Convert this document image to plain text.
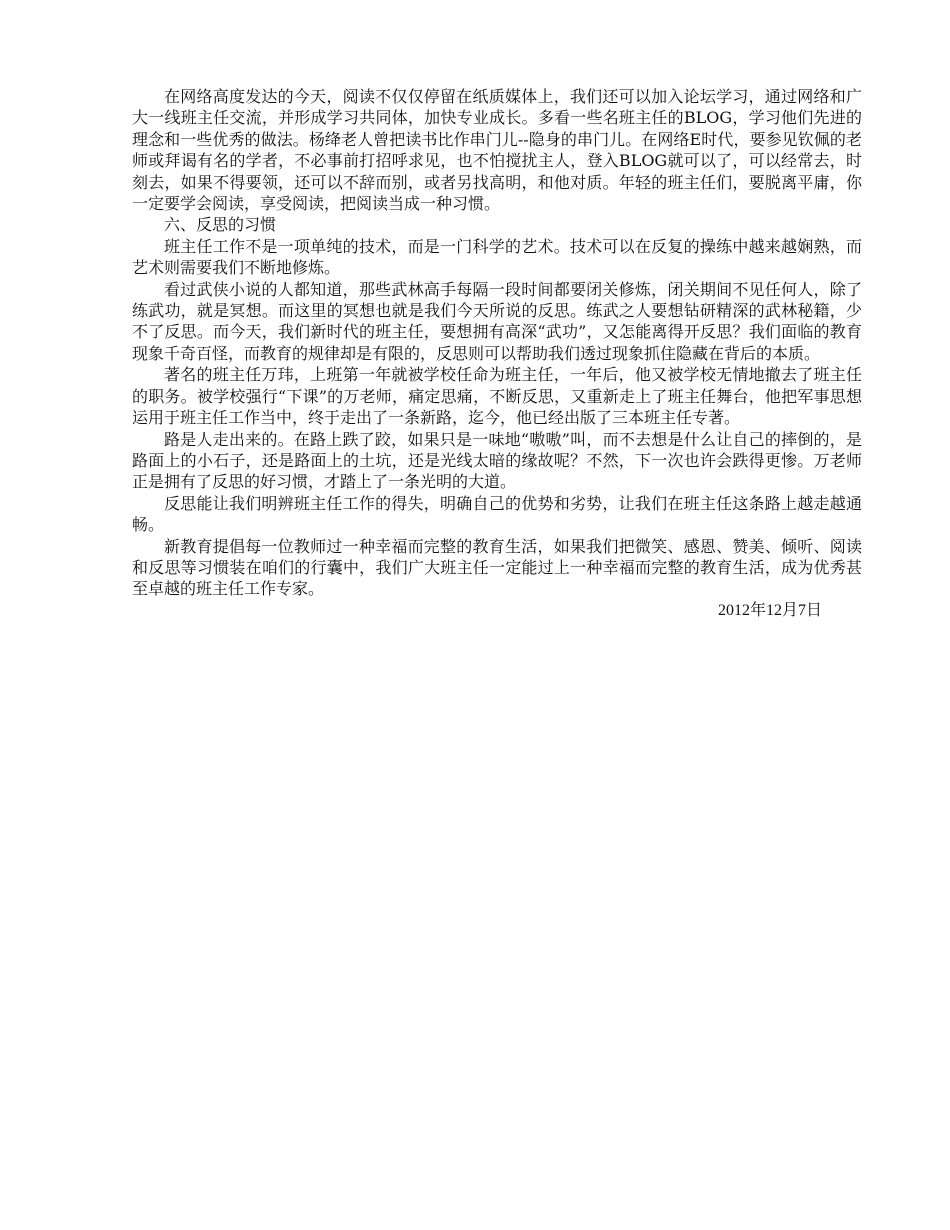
在网络高度发达的今天，阅读不仅仅停留在纸质媒体上，我们还可以加入论坛学习，通过网络和广大一线班主任交流，并形成学习共同体，加快专业成长。多看一些名班主任的BLOG，学习他们先进的理念和一些优秀的做法。杨绛老人曾把读书比作串门儿--隐身的串门儿。在网络E时代，要参见钦佩的老师或拜谒有名的学者，不必事前打招呼求见，也不怕搅扰主人，登入BLOG就可以了，可以经常去，时刻去，如果不得要领，还可以不辞而别，或者另找高明，和他对质。年轻的班主任们，要脱离平庸，你一定要学会阅读，享受阅读，把阅读当成一种习惯。

六、反思的习惯

班主任工作不是一项单纯的技术，而是一门科学的艺术。技术可以在反复的操练中越来越娴熟，而艺术则需要我们不断地修炼。

看过武侠小说的人都知道，那些武林高手每隔一段时间都要闭关修炼，闭关期间不见任何人，除了练武功，就是冥想。而这里的冥想也就是我们今天所说的反思。练武之人要想钻研精深的武林秘籍，少不了反思。而今天，我们新时代的班主任，要想拥有高深“武功”，又怎能离得开反思？我们面临的教育现象千奇百怪，而教育的规律却是有限的，反思则可以帮助我们透过现象抓住隐藏在背后的本质。

著名的班主任万玮，上班第一年就被学校任命为班主任，一年后，他又被学校无情地撤去了班主任的职务。被学校强行“下课”的万老师，痛定思痛，不断反思，又重新走上了班主任舞台，他把军事思想运用于班主任工作当中，终于走出了一条新路，迄今，他已经出版了三本班主任专著。

路是人走出来的。在路上跌了跤，如果只是一味地“嗷嗷”叫，而不去想是什么让自己的摔倒的，是路面上的小石子，还是路面上的土坑，还是光线太暗的缘故呢？不然，下一次也许会跌得更惨。万老师正是拥有了反思的好习惯，才踏上了一条光明的大道。

反思能让我们明辨班主任工作的得失，明确自己的优势和劣势，让我们在班主任这条路上越走越通畅。

新教育提倡每一位教师过一种幸福而完整的教育生活，如果我们把微笑、感恩、赞美、倾听、阅读和反思等习惯装在咱们的行囊中，我们广大班主任一定能过上一种幸福而完整的教育生活，成为优秀甚至卓越的班主任工作专家。

2012年12月7日
